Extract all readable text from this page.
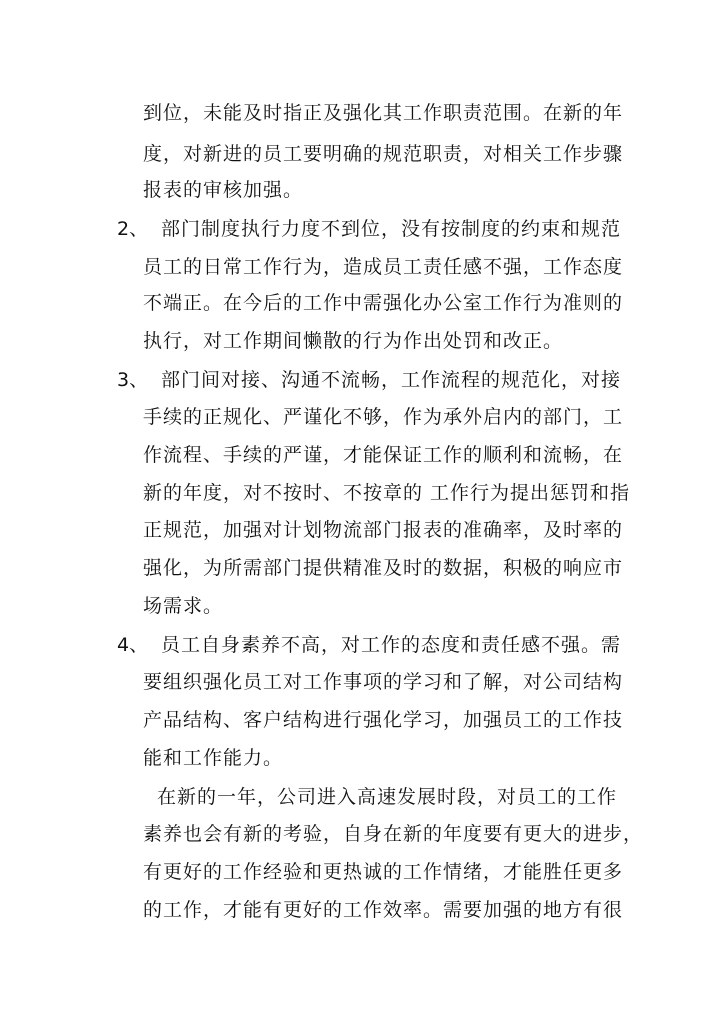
到位，未能及时指正及强化其工作职责范围。在新的年
度，对新进的员工要明确的规范职责，对相关工作步骤
报表的审核加强。
2、 部门制度执行力度不到位，没有按制度的约束和规范
员工的日常工作行为，造成员工责任感不强，工作态度
不端正。在今后的工作中需强化办公室工作行为准则的
执行，对工作期间懒散的行为作出处罚和改正。
3、 部门间对接、沟通不流畅，工作流程的规范化，对接
手续的正规化、严谨化不够，作为承外启内的部门，工
作流程、手续的严谨，才能保证工作的顺利和流畅，在
新的年度，对不按时、不按章的 工作行为提出惩罚和指
正规范，加强对计划物流部门报表的准确率，及时率的
强化，为所需部门提供精准及时的数据，积极的响应市
场需求。
4、 员工自身素养不高，对工作的态度和责任感不强。需
要组织强化员工对工作事项的学习和了解，对公司结构
产品结构、客户结构进行强化学习，加强员工的工作技
能和工作能力。
在新的一年，公司进入高速发展时段，对员工的工作
素养也会有新的考验，自身在新的年度要有更大的进步，
有更好的工作经验和更热诚的工作情绪，才能胜任更多
的工作，才能有更好的工作效率。需要加强的地方有很
